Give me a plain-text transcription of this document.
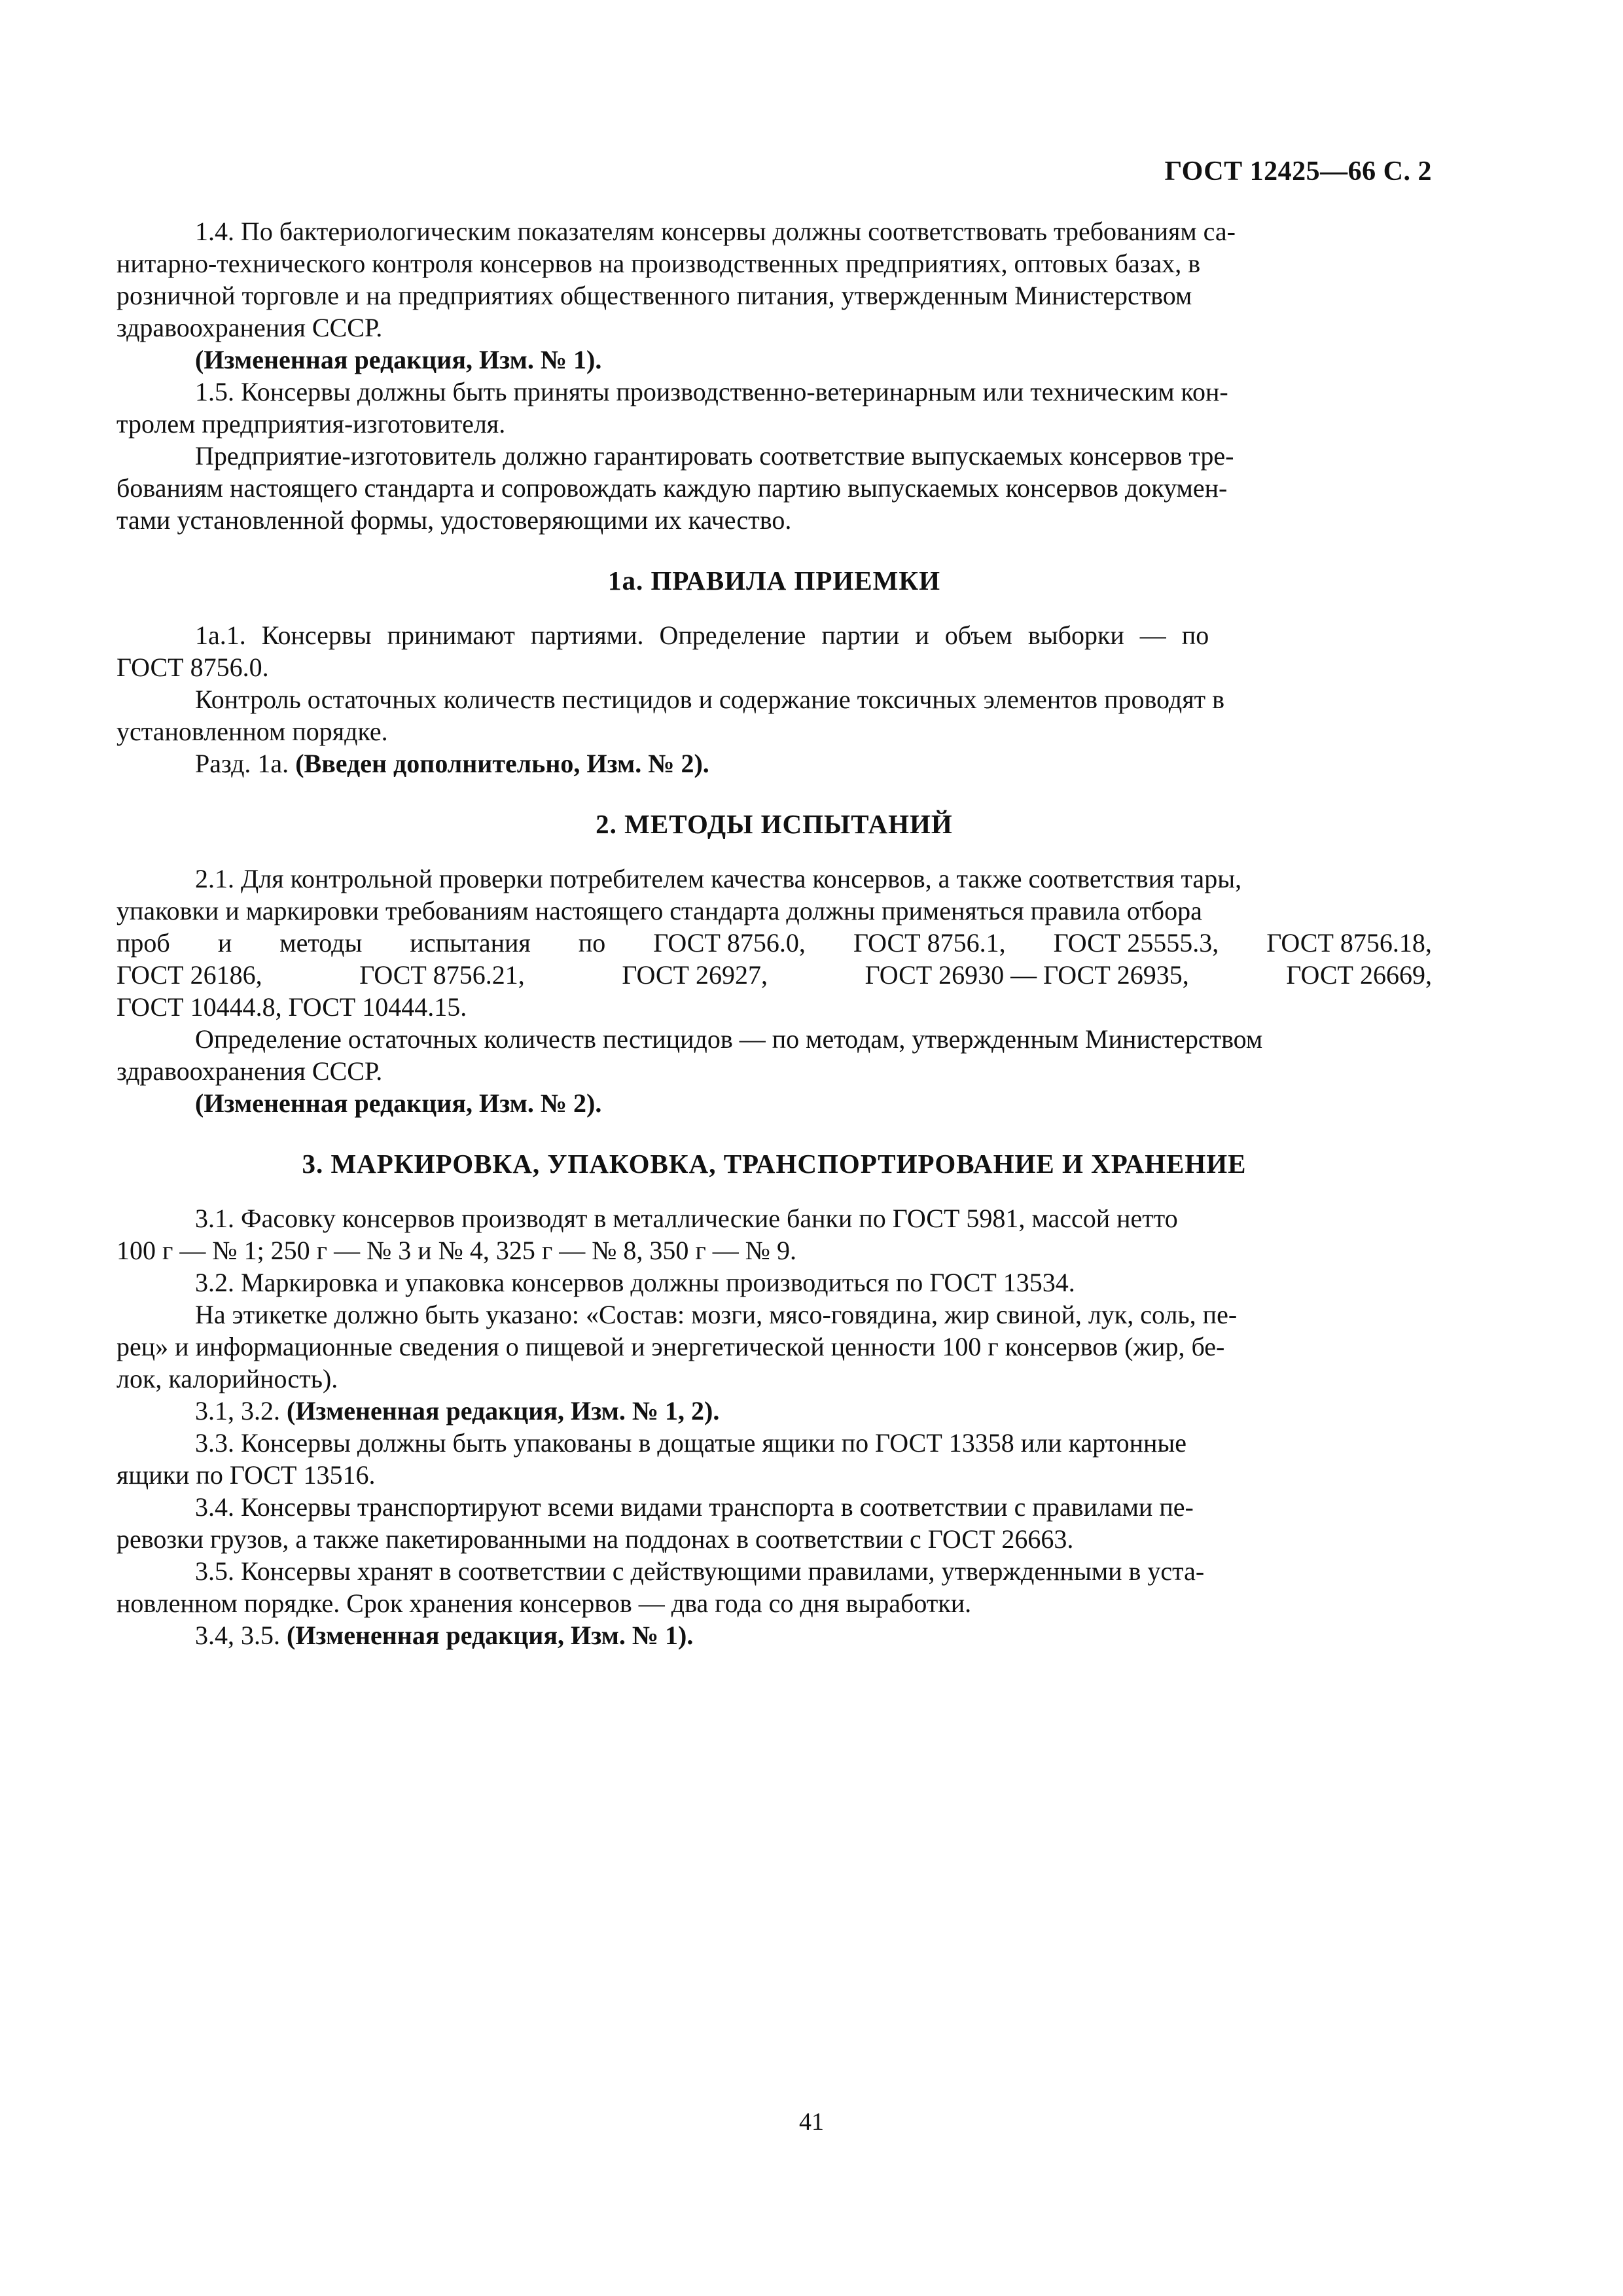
ГОСТ 12425—66 С. 2
1.4. По бактериологическим показателям консервы должны соответствовать требованиям са-
нитарно-технического контроля консервов на производственных предприятиях, оптовых базах, в
розничной торговле и на предприятиях общественного питания, утвержденным Министерством
здравоохранения СССР.
(Измененная редакция, Изм. № 1).
1.5. Консервы должны быть приняты производственно-ветеринарным или техническим кон-
тролем предприятия-изготовителя.
Предприятие-изготовитель должно гарантировать соответствие выпускаемых консервов тре-
бованиям настоящего стандарта и сопровождать каждую партию выпускаемых консервов докумен-
тами установленной формы, удостоверяющими их качество.
1а. ПРАВИЛА ПРИЕМКИ
1а.1. Консервы принимают партиями. Определение партии и объем выборки — по
ГОСТ 8756.0.
Контроль остаточных количеств пестицидов и содержание токсичных элементов проводят в
установленном порядке.
Разд. 1а. (Введен дополнительно, Изм. № 2).
2. МЕТОДЫ ИСПЫТАНИЙ
2.1. Для контрольной проверки потребителем качества консервов, а также соответствия тары,
упаковки и маркировки требованиям настоящего стандарта должны применяться правила отбора
проб и методы испытания по ГОСТ 8756.0, ГОСТ 8756.1, ГОСТ 25555.3, ГОСТ 8756.18,
ГОСТ 26186,	ГОСТ 8756.21,	ГОСТ 26927,	ГОСТ 26930 — ГОСТ 26935,	ГОСТ 26669,
ГОСТ 10444.8, ГОСТ 10444.15.
Определение остаточных количеств пестицидов — по методам, утвержденным Министерством
здравоохранения СССР.
(Измененная редакция, Изм. № 2).
3. МАРКИРОВКА, УПАКОВКА, ТРАНСПОРТИРОВАНИЕ И ХРАНЕНИЕ
3.1. Фасовку консервов производят в металлические банки по ГОСТ 5981, массой нетто
100 г — № 1; 250 г — № 3 и № 4, 325 г — № 8, 350 г — № 9.
3.2. Маркировка и упаковка консервов должны производиться по ГОСТ 13534.
На этикетке должно быть указано: «Состав: мозги, мясо-говядина, жир свиной, лук, соль, пе-
рец» и информационные сведения о пищевой и энергетической ценности 100 г консервов (жир, бе-
лок, калорийность).
3.1, 3.2. (Измененная редакция, Изм. № 1, 2).
3.3. Консервы должны быть упакованы в дощатые ящики по ГОСТ 13358 или картонные
ящики по ГОСТ 13516.
3.4. Консервы транспортируют всеми видами транспорта в соответствии с правилами пе-
ревозки грузов, а также пакетированными на поддонах в соответствии с ГОСТ 26663.
3.5. Консервы хранят в соответствии с действующими правилами, утвержденными в уста-
новленном порядке. Срок хранения консервов — два года со дня выработки.
3.4, 3.5. (Измененная редакция, Изм. № 1).
41
